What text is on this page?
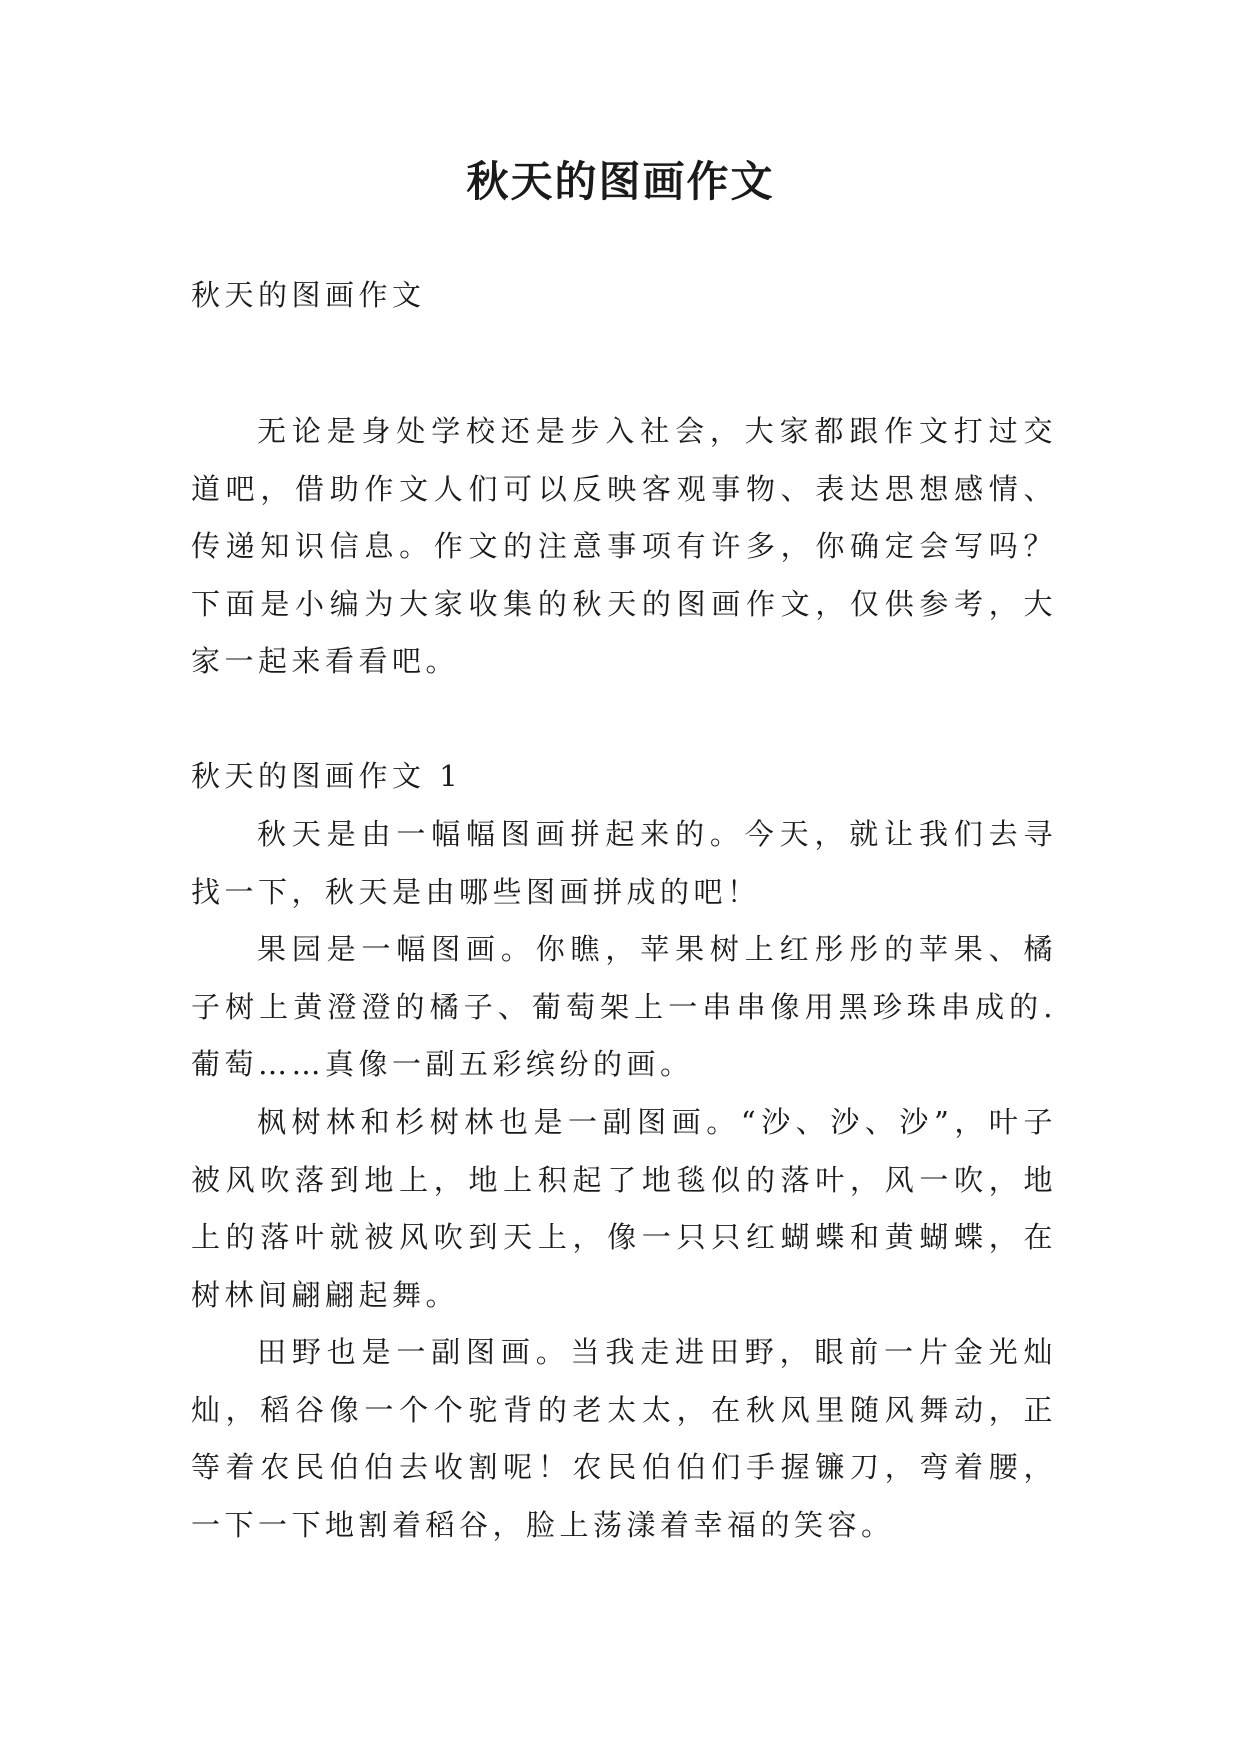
秋天的图画作文

秋天的图画作文

无论是身处学校还是步入社会，大家都跟作文打过交道吧，借助作文人们可以反映客观事物、表达思想感情、传递知识信息。作文的注意事项有许多，你确定会写吗？下面是小编为大家收集的秋天的图画作文，仅供参考，大家一起来看看吧。

秋天的图画作文 1

秋天是由一幅幅图画拼起来的。今天，就让我们去寻找一下，秋天是由哪些图画拼成的吧！

果园是一幅图画。你瞧，苹果树上红彤彤的苹果、橘子树上黄澄澄的橘子、葡萄架上一串串像用黑珍珠串成的.葡萄……真像一副五彩缤纷的画。

枫树林和杉树林也是一副图画。“沙、沙、沙”，叶子被风吹落到地上，地上积起了地毯似的落叶，风一吹，地上的落叶就被风吹到天上，像一只只红蝴蝶和黄蝴蝶，在树林间翩翩起舞。

田野也是一副图画。当我走进田野，眼前一片金光灿灿，稻谷像一个个驼背的老太太，在秋风里随风舞动，正等着农民伯伯去收割呢！农民伯伯们手握镰刀，弯着腰，一下一下地割着稻谷，脸上荡漾着幸福的笑容。
